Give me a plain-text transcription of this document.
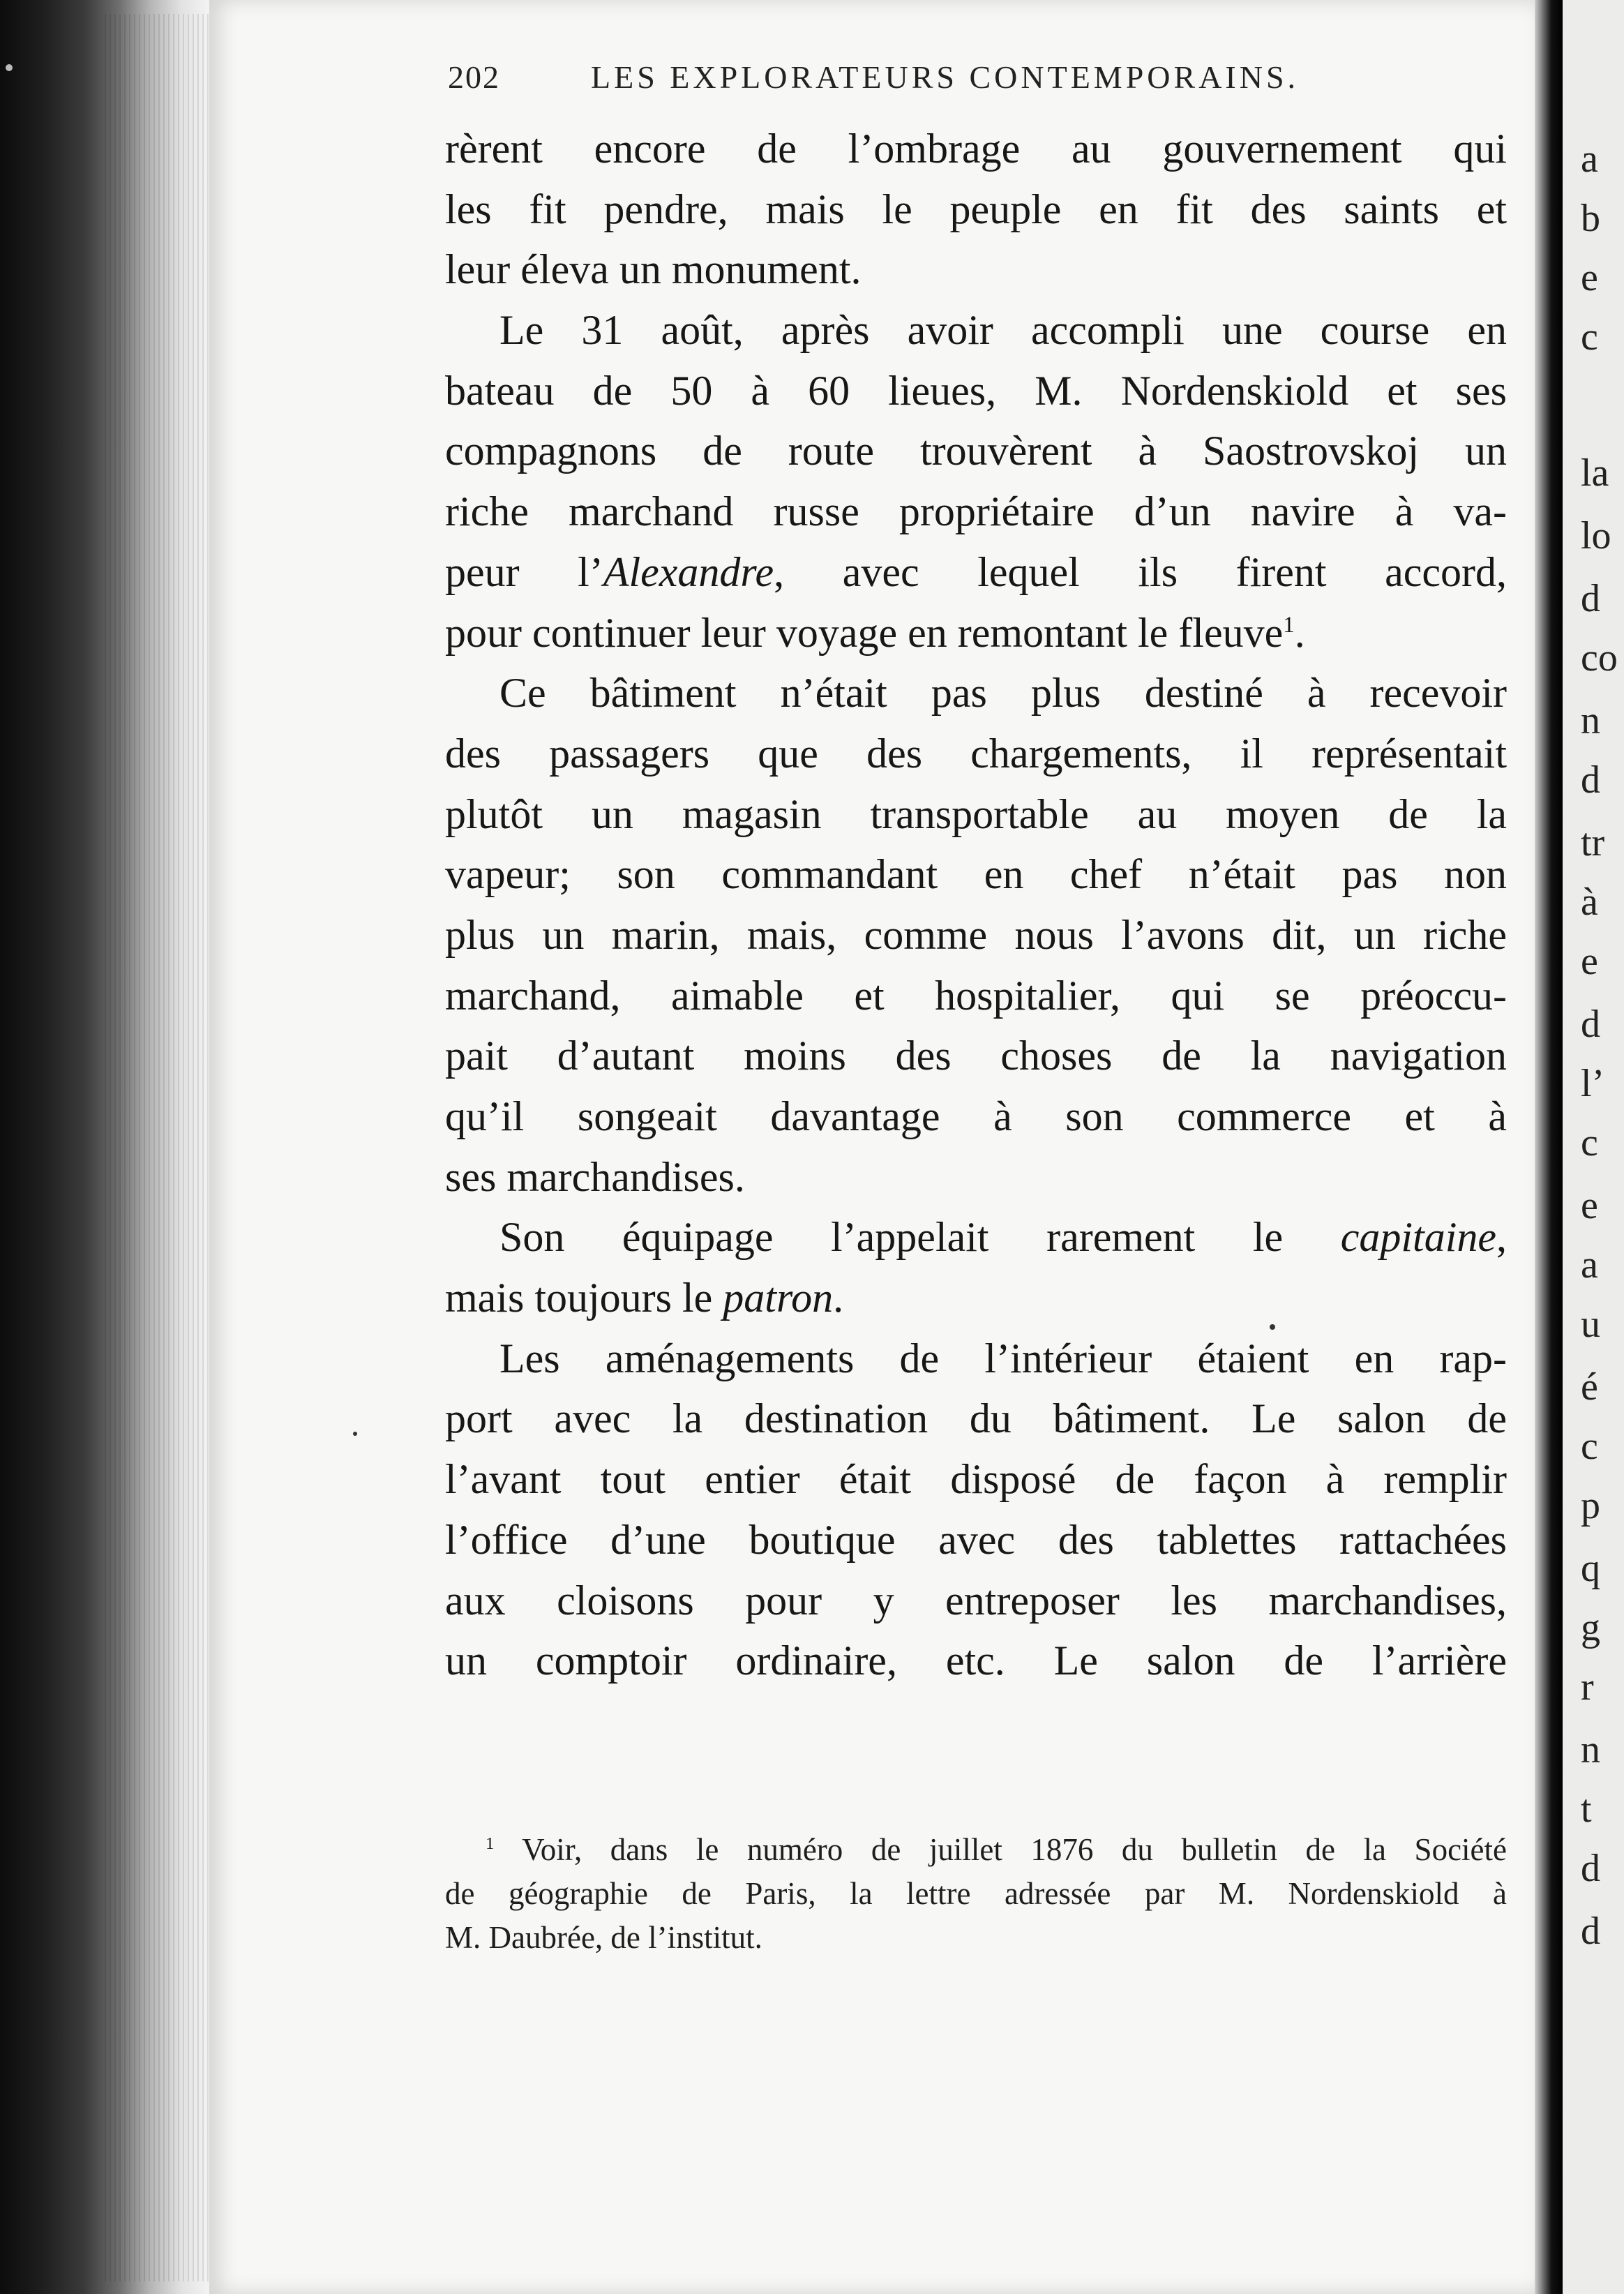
202	LES EXPLORATEURS CONTEMPORAINS.
rèrent encore de l’ombrage au gouvernement qui
les fit pendre, mais le peuple en fit des saints et
leur éleva un monument.
Le 31 août, après avoir accompli une course en
bateau de 50 à 60 lieues, M. Nordenskiold et ses
compagnons de route trouvèrent à Saostrovskoj un
riche marchand russe propriétaire d’un navire à va-
peur l’Alexandre, avec lequel ils firent accord,
pour continuer leur voyage en remontant le fleuve$^1$.
Ce bâtiment n’était pas plus destiné à recevoir
des passagers que des chargements, il représentait
plutôt un magasin transportable au moyen de la
vapeur; son commandant en chef n’était pas non
plus un marin, mais, comme nous l’avons dit, un riche
marchand, aimable et hospitalier, qui se préoccu-
pait d’autant moins des choses de la navigation
qu’il songeait davantage à son commerce et à
ses marchandises.
Son équipage l’appelait rarement le capitaine,
mais toujours le patron.
Les aménagements de l’intérieur étaient en rap-
port avec la destination du bâtiment. Le salon de
l’avant tout entier était disposé de façon à remplir
l’office d’une boutique avec des tablettes rattachées
aux cloisons pour y entreposer les marchandises,
un comptoir ordinaire, etc. Le salon de l’arrière
$^1$ Voir, dans le numéro de juillet 1876 du bulletin de la Société
de géographie de Paris, la lettre adressée par M. Nordenskiold à
M. Daubrée, de l’institut.
a
b
e
c
la
lo
d
co
n
d
tr
à
e
d
l’
c
e
a
u
é
c
p
q
g
r
n
t
d
d
